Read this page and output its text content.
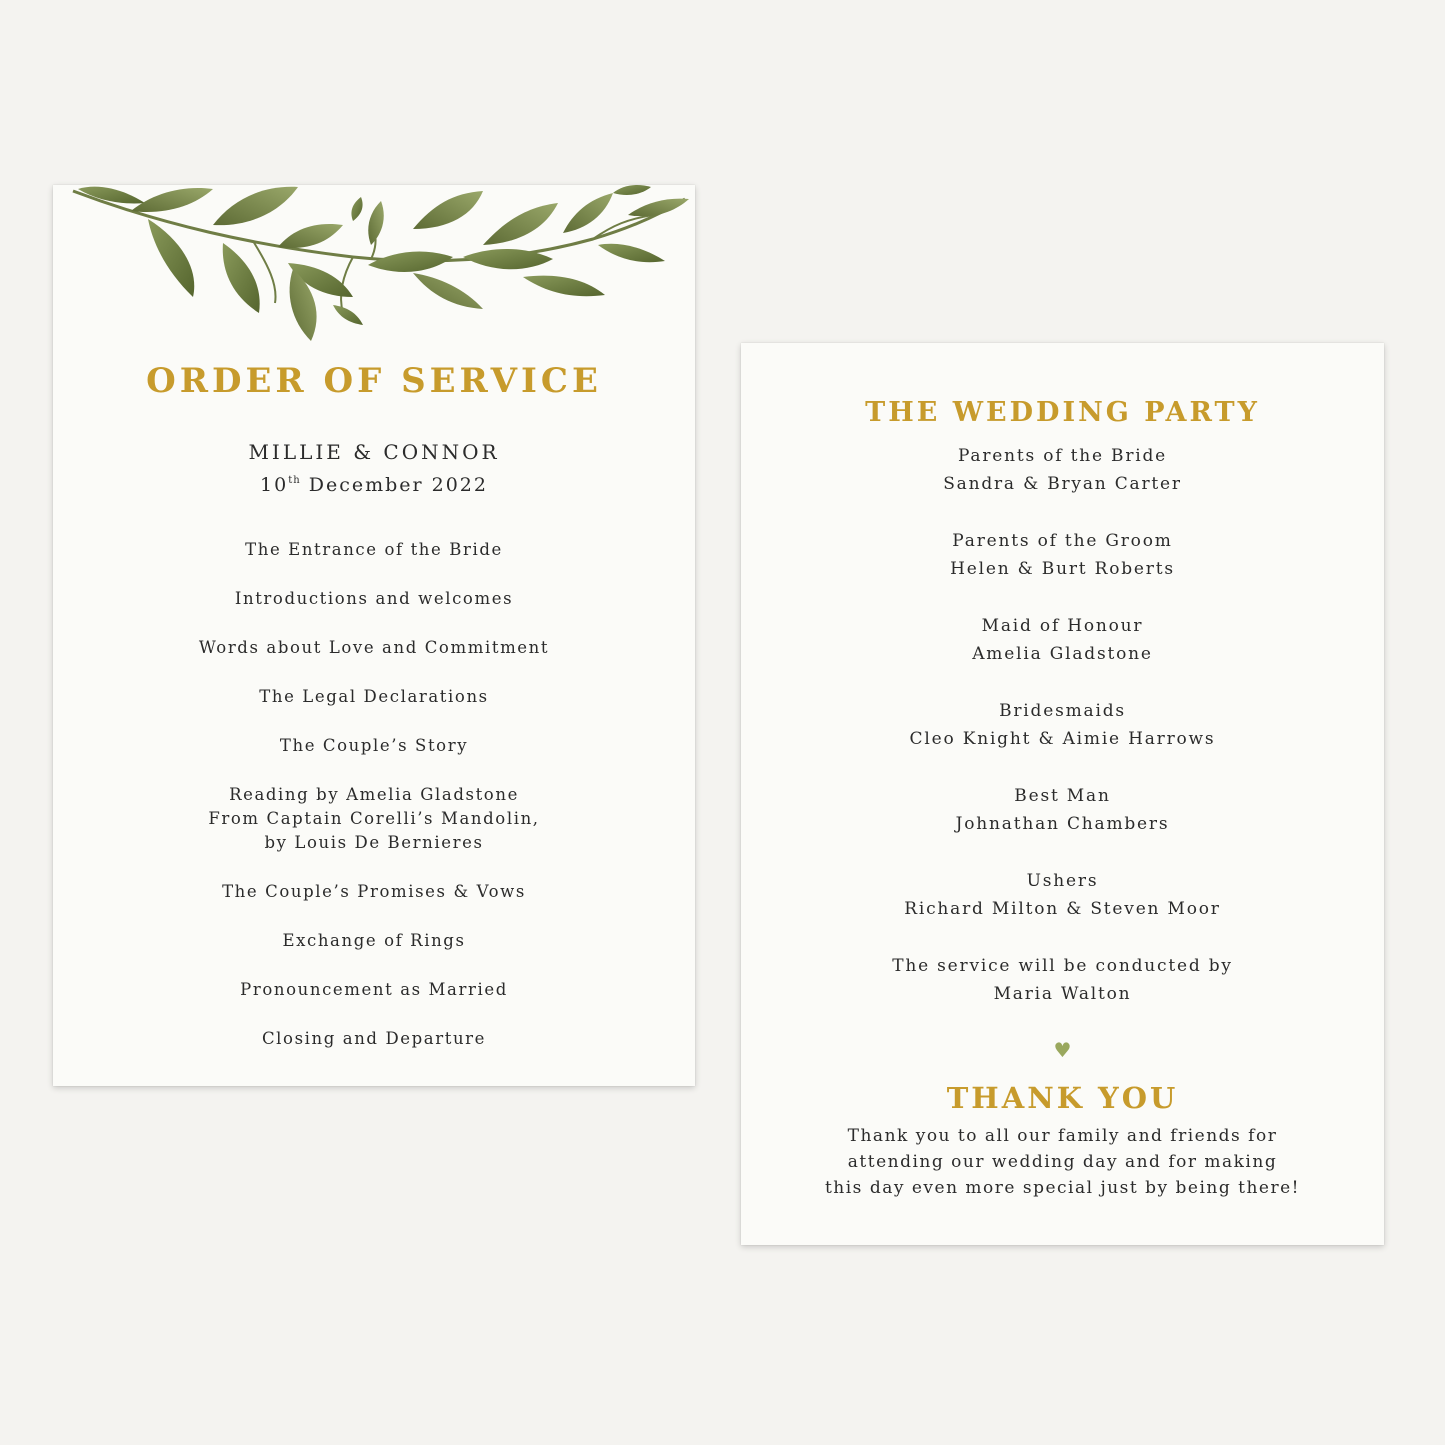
ORDER OF SERVICE
MILLIE & CONNOR
10th December 2022
The Entrance of the Bride
Introductions and welcomes
Words about Love and Commitment
The Legal Declarations
The Couple’s Story
Reading by Amelia Gladstone
From Captain Corelli’s Mandolin,
by Louis De Bernieres
The Couple’s Promises & Vows
Exchange of Rings
Pronouncement as Married
Closing and Departure
THE WEDDING PARTY
Parents of the Bride
Sandra & Bryan Carter
Parents of the Groom
Helen & Burt Roberts
Maid of Honour
Amelia Gladstone
Bridesmaids
Cleo Knight & Aimie Harrows
Best Man
Johnathan Chambers
Ushers
Richard Milton & Steven Moor
The service will be conducted by
Maria Walton
♥
THANK YOU
Thank you to all our family and friends for
attending our wedding day and for making
this day even more special just by being there!
